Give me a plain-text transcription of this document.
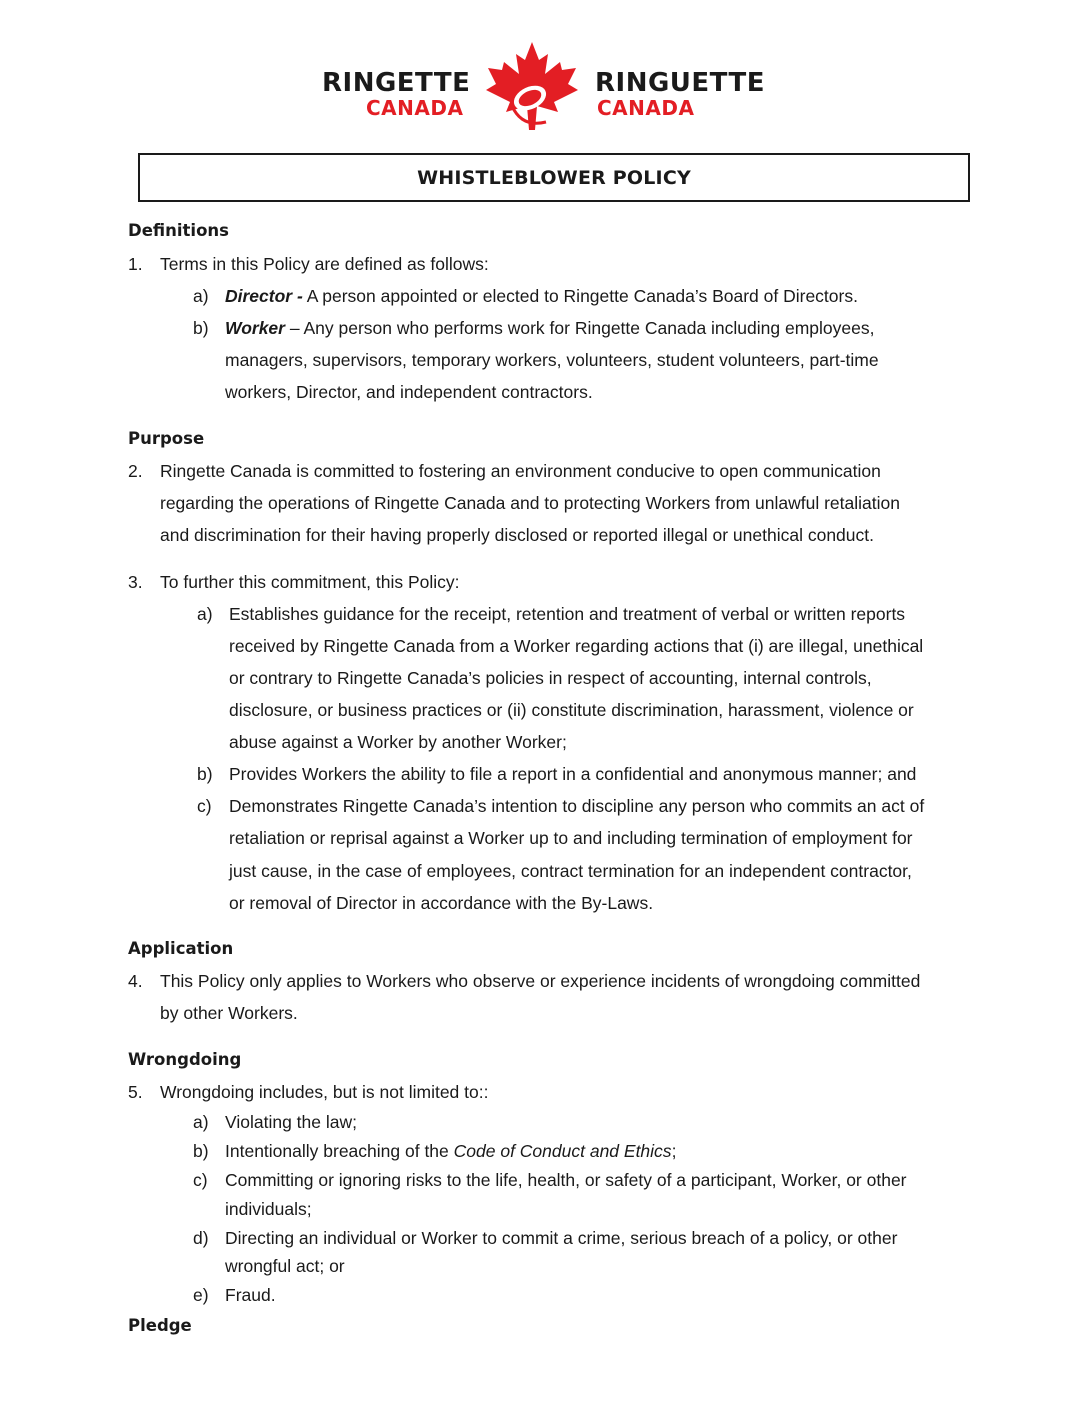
RINGETTE
CANADA
RINGUETTE
CANADA
WHISTLEBLOWER POLICY
Definitions
1. Terms in this Policy are defined as follows:
a) Director - A person appointed or elected to Ringette Canada’s Board of Directors.
b) Worker – Any person who performs work for Ringette Canada including employees,
managers, supervisors, temporary workers, volunteers, student volunteers, part-time
workers, Director, and independent contractors.
Purpose
2. Ringette Canada is committed to fostering an environment conducive to open communication
regarding the operations of Ringette Canada and to protecting Workers from unlawful retaliation
and discrimination for their having properly disclosed or reported illegal or unethical conduct.
3. To further this commitment, this Policy:
a) Establishes guidance for the receipt, retention and treatment of verbal or written reports
received by Ringette Canada from a Worker regarding actions that (i) are illegal, unethical
or contrary to Ringette Canada’s policies in respect of accounting, internal controls,
disclosure, or business practices or (ii) constitute discrimination, harassment, violence or
abuse against a Worker by another Worker;
b) Provides Workers the ability to file a report in a confidential and anonymous manner; and
c) Demonstrates Ringette Canada’s intention to discipline any person who commits an act of
retaliation or reprisal against a Worker up to and including termination of employment for
just cause, in the case of employees, contract termination for an independent contractor,
or removal of Director in accordance with the By-Laws.
Application
4. This Policy only applies to Workers who observe or experience incidents of wrongdoing committed
by other Workers.
Wrongdoing
5. Wrongdoing includes, but is not limited to::
a) Violating the law;
b) Intentionally breaching of the Code of Conduct and Ethics;
c) Committing or ignoring risks to the life, health, or safety of a participant, Worker, or other
individuals;
d) Directing an individual or Worker to commit a crime, serious breach of a policy, or other
wrongful act; or
e) Fraud.
Pledge
